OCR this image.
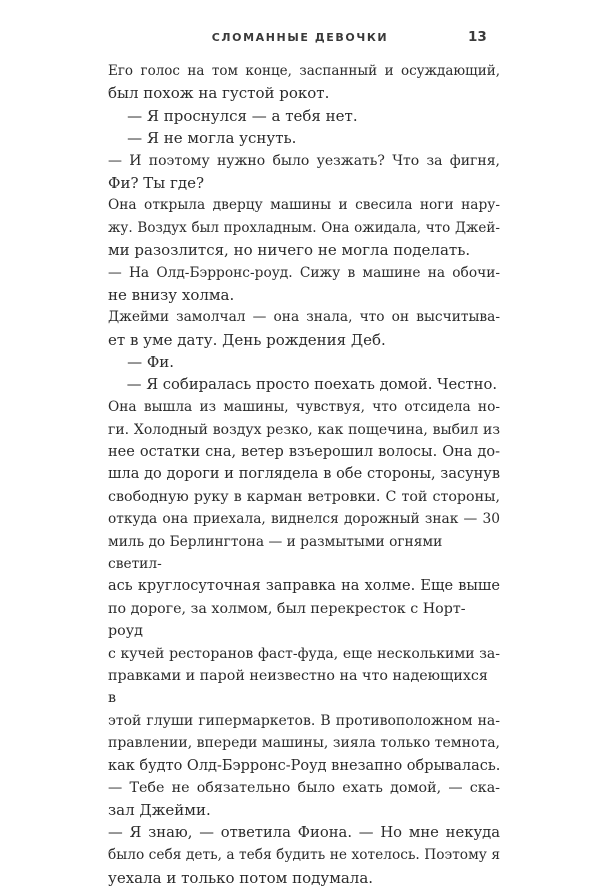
СЛОМАННЫЕ ДЕВОЧКИ	13
Его голос на том конце, заспанный и осуждающий,
был похож на густой рокот.
— Я проснулся — а тебя нет.
— Я не могла уснуть.
— И поэтому нужно было уезжать? Что за фигня,
Фи? Ты где?
Она открыла дверцу машины и свесила ноги нару-
жу. Воздух был прохладным. Она ожидала, что Джей-
ми разозлится, но ничего не могла поделать.
— На Олд-Бэрронс-роуд. Сижу в машине на обочи-
не внизу холма.
Джейми замолчал — она знала, что он высчитыва-
ет в уме дату. День рождения Деб.
— Фи.
— Я собиралась просто поехать домой. Честно.
Она вышла из машины, чувствуя, что отсидела но-
ги. Холодный воздух резко, как пощечина, выбил из
нее остатки сна, ветер взъерошил волосы. Она до-
шла до дороги и поглядела в обе стороны, засунув
свободную руку в карман ветровки. С той стороны,
откуда она приехала, виднелся дорожный знак — 30
миль до Берлингтона — и размытыми огнями светил-
ась круглосуточная заправка на холме. Еще выше
по дороге, за холмом, был перекресток с Норт-роуд
с кучей ресторанов фаст-фуда, еще несколькими за-
правками и парой неизвестно на что надеющихся в
этой глуши гипермаркетов. В противоположном на-
правлении, впереди машины, зияла только темнота,
как будто Олд-Бэрронс-Роуд внезапно обрывалась.
— Тебе не обязательно было ехать домой, — ска-
зал Джейми.
— Я знаю, — ответила Фиона. — Но мне некуда
было себя деть, а тебя будить не хотелось. Поэтому я
уехала и только потом подумала.
